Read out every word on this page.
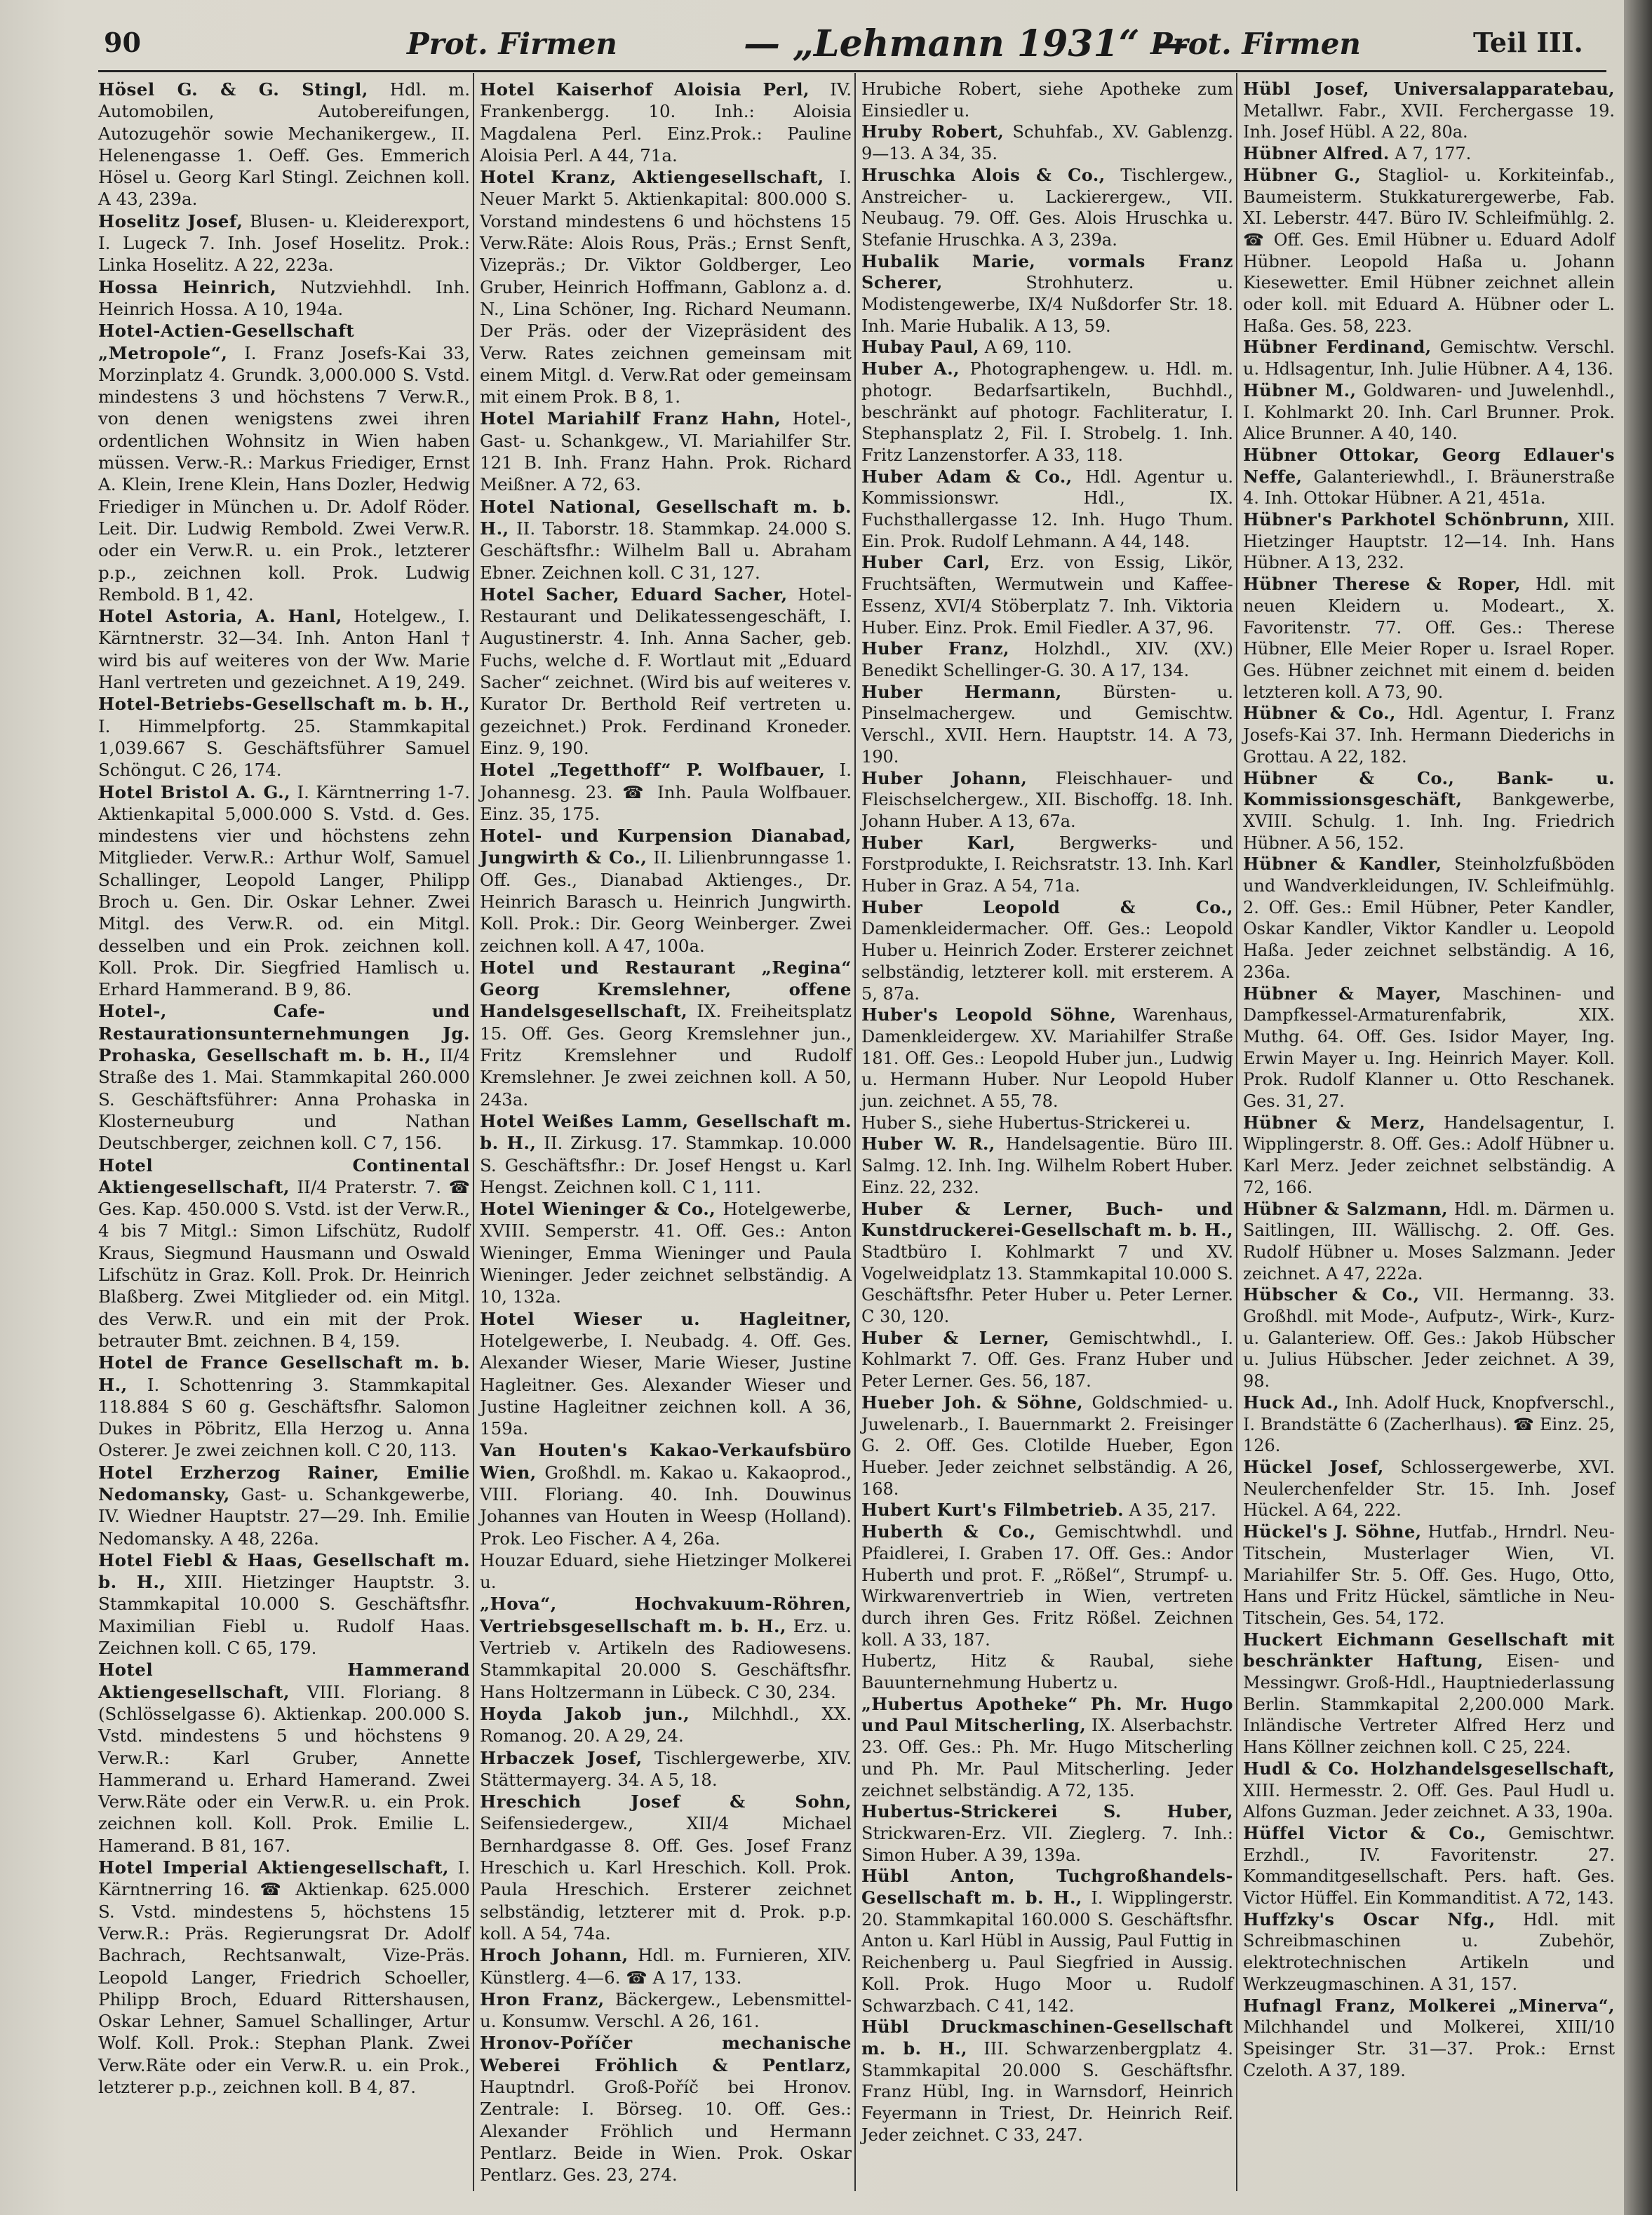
90	Prot. Firmen	— „Lehmann 1931“ —
Prot. Firmen	Teil III.

Hösel G. & G. Stingl, Hdl. m. Automobilen, Autobereifungen, Autozugehör sowie Mechanikergew., II. Helenengasse 1. Oeff. Ges. Emmerich Hösel u. Georg Karl Stingl. Zeichnen koll. A 43, 239a.

Hoselitz Josef, Blusen- u. Kleiderexport, I. Lugeck 7. Inh. Josef Hoselitz. Prok.: Linka Hoselitz. A 22, 223a.

Hossa Heinrich, Nutzviehhdl. Inh. Heinrich Hossa. A 10, 194a.

Hotel-Actien-Gesellschaft „Metropole“, I. Franz Josefs-Kai 33, Morzinplatz 4. Grundk. 3,000.000 S. Vstd. mindestens 3 und höchstens 7 Verw.R., von denen wenigstens zwei ihren ordentlichen Wohnsitz in Wien haben müssen. Verw.-R.: Markus Friediger, Ernst A. Klein, Irene Klein, Hans Dozler, Hedwig Friediger in München u. Dr. Adolf Röder. Leit. Dir. Ludwig Rembold. Zwei Verw.R. oder ein Verw.R. u. ein Prok., letzterer p.p., zeichnen koll. Prok. Ludwig Rembold. B 1, 42.

Hotel Astoria, A. Hanl, Hotelgew., I. Kärntnerstr. 32—34. Inh. Anton Hanl † wird bis auf weiteres von der Ww. Marie Hanl vertreten und gezeichnet. A 19, 249.

Hotel-Betriebs-Gesellschaft m. b. H., I. Himmelpfortg. 25. Stammkapital 1,039.667 S. Geschäftsführer Samuel Schöngut. C 26, 174.

Hotel Bristol A. G., I. Kärntnerring 1-7. Aktienkapital 5,000.000 S. Vstd. d. Ges. mindestens vier und höchstens zehn Mitglieder. Verw.R.: Arthur Wolf, Samuel Schallinger, Leopold Langer, Philipp Broch u. Gen. Dir. Oskar Lehner. Zwei Mitgl. des Verw.R. od. ein Mitgl. desselben und ein Prok. zeichnen koll. Koll. Prok. Dir. Siegfried Hamlisch u. Erhard Hammerand. B 9, 86.

Hotel-, Cafe- und Restaurationsunternehmungen Jg. Prohaska, Gesellschaft m. b. H., II/4 Straße des 1. Mai. Stammkapital 260.000 S. Geschäftsführer: Anna Prohaska in Klosterneuburg und Nathan Deutschberger, zeichnen koll. C 7, 156.

Hotel Continental Aktiengesellschaft, II/4 Praterstr. 7. ☎ Ges. Kap. 450.000 S. Vstd. ist der Verw.R., 4 bis 7 Mitgl.: Simon Lifschütz, Rudolf Kraus, Siegmund Hausmann und Oswald Lifschütz in Graz. Koll. Prok. Dr. Heinrich Blaßberg. Zwei Mitglieder od. ein Mitgl. des Verw.R. und ein mit der Prok. betrauter Bmt. zeichnen. B 4, 159.

Hotel de France Gesellschaft m. b. H., I. Schottenring 3. Stammkapital 118.884 S 60 g. Geschäftsfhr. Salomon Dukes in Pöbritz, Ella Herzog u. Anna Osterer. Je zwei zeichnen koll. C 20, 113.

Hotel Erzherzog Rainer, Emilie Nedomansky, Gast- u. Schankgewerbe, IV. Wiedner Hauptstr. 27—29. Inh. Emilie Nedomansky. A 48, 226a.

Hotel Fiebl & Haas, Gesellschaft m. b. H., XIII. Hietzinger Hauptstr. 3. Stammkapital 10.000 S. Geschäftsfhr. Maximilian Fiebl u. Rudolf Haas. Zeichnen koll. C 65, 179.

Hotel Hammerand Aktiengesellschaft, VIII. Floriang. 8 (Schlösselgasse 6). Aktienkap. 200.000 S. Vstd. mindestens 5 und höchstens 9 Verw.R.: Karl Gruber, Annette Hammerand u. Erhard Hamerand. Zwei Verw.Räte oder ein Verw.R. u. ein Prok. zeichnen koll. Koll. Prok. Emilie L. Hamerand. B 81, 167.

Hotel Imperial Aktiengesellschaft, I. Kärntnerring 16. ☎ Aktienkap. 625.000 S. Vstd. mindestens 5, höchstens 15 Verw.R.: Präs. Regierungsrat Dr. Adolf Bachrach, Rechtsanwalt, Vize-Präs. Leopold Langer, Friedrich Schoeller, Philipp Broch, Eduard Rittershausen, Oskar Lehner, Samuel Schallinger, Artur Wolf. Koll. Prok.: Stephan Plank. Zwei Verw.Räte oder ein Verw.R. u. ein Prok., letzterer p.p., zeichnen koll. B 4, 87.

Hotel Kaiserhof Aloisia Perl, IV. Frankenbergg. 10. Inh.: Aloisia Magdalena Perl. Einz.Prok.: Pauline Aloisia Perl. A 44, 71a.

Hotel Kranz, Aktiengesellschaft, I. Neuer Markt 5. Aktienkapital: 800.000 S. Vorstand mindestens 6 und höchstens 15 Verw.Räte: Alois Rous, Präs.; Ernst Senft, Vizepräs.; Dr. Viktor Goldberger, Leo Gruber, Heinrich Hoffmann, Gablonz a. d. N., Lina Schöner, Ing. Richard Neumann. Der Präs. oder der Vizepräsident des Verw. Rates zeichnen gemeinsam mit einem Mitgl. d. Verw.Rat oder gemeinsam mit einem Prok. B 8, 1.

Hotel Mariahilf Franz Hahn, Hotel-, Gast- u. Schankgew., VI. Mariahilfer Str. 121 B. Inh. Franz Hahn. Prok. Richard Meißner. A 72, 63.

Hotel National, Gesellschaft m. b. H., II. Taborstr. 18. Stammkap. 24.000 S. Geschäftsfhr.: Wilhelm Ball u. Abraham Ebner. Zeichnen koll. C 31, 127.

Hotel Sacher, Eduard Sacher, Hotel-Restaurant und Delikatessengeschäft, I. Augustinerstr. 4. Inh. Anna Sacher, geb. Fuchs, welche d. F. Wortlaut mit „Eduard Sacher“ zeichnet. (Wird bis auf weiteres v. Kurator Dr. Berthold Reif vertreten u. gezeichnet.) Prok. Ferdinand Kroneder. Einz. 9, 190.

Hotel „Tegetthoff“ P. Wolfbauer, I. Johannesg. 23. ☎ Inh. Paula Wolfbauer. Einz. 35, 175.

Hotel- und Kurpension Dianabad, Jungwirth & Co., II. Lilienbrunngasse 1. Off. Ges., Dianabad Aktienges., Dr. Heinrich Barasch u. Heinrich Jungwirth. Koll. Prok.: Dir. Georg Weinberger. Zwei zeichnen koll. A 47, 100a.

Hotel und Restaurant „Regina“ Georg Kremslehner, offene Handelsgesellschaft, IX. Freiheitsplatz 15. Off. Ges. Georg Kremslehner jun., Fritz Kremslehner und Rudolf Kremslehner. Je zwei zeichnen koll. A 50, 243a.

Hotel Weißes Lamm, Gesellschaft m. b. H., II. Zirkusg. 17. Stammkap. 10.000 S. Geschäftsfhr.: Dr. Josef Hengst u. Karl Hengst. Zeichnen koll. C 1, 111.

Hotel Wieninger & Co., Hotelgewerbe, XVIII. Semperstr. 41. Off. Ges.: Anton Wieninger, Emma Wieninger und Paula Wieninger. Jeder zeichnet selbständig. A 10, 132a.

Hotel Wieser u. Hagleitner, Hotelgewerbe, I. Neubadg. 4. Off. Ges. Alexander Wieser, Marie Wieser, Justine Hagleitner. Ges. Alexander Wieser und Justine Hagleitner zeichnen koll. A 36, 159a.

Van Houten's Kakao-Verkaufsbüro Wien, Großhdl. m. Kakao u. Kakaoprod., VIII. Floriang. 40. Inh. Douwinus Johannes van Houten in Weesp (Holland). Prok. Leo Fischer. A 4, 26a.

Houzar Eduard, siehe Hietzinger Molkerei u.

„Hova“, Hochvakuum-Röhren, Vertriebsgesellschaft m. b. H., Erz. u. Vertrieb v. Artikeln des Radiowesens. Stammkapital 20.000 S. Geschäftsfhr. Hans Holtzermann in Lübeck. C 30, 234.

Hoyda Jakob jun., Milchhdl., XX. Romanog. 20. A 29, 24.

Hrbaczek Josef, Tischlergewerbe, XIV. Stättermayerg. 34. A 5, 18.

Hreschich Josef & Sohn, Seifensiedergew., XII/4 Michael Bernhardgasse 8. Off. Ges. Josef Franz Hreschich u. Karl Hreschich. Koll. Prok. Paula Hreschich. Ersterer zeichnet selbständig, letzterer mit d. Prok. p.p. koll. A 54, 74a.

Hroch Johann, Hdl. m. Furnieren, XIV. Künstlerg. 4—6. ☎ A 17, 133.

Hron Franz, Bäckergew., Lebensmittel- u. Konsumw. Verschl. A 26, 161.

Hronov-Poříčer mechanische Weberei Fröhlich & Pentlarz, Hauptndrl. Groß-Poříč bei Hronov. Zentrale: I. Börseg. 10. Off. Ges.: Alexander Fröhlich und Hermann Pentlarz. Beide in Wien. Prok. Oskar Pentlarz. Ges. 23, 274.

Hrubiche Robert, siehe Apotheke zum Einsiedler u.

Hruby Robert, Schuhfab., XV. Gablenzg. 9—13. A 34, 35.

Hruschka Alois & Co., Tischlergew., Anstreicher- u. Lackierergew., VII. Neubaug. 79. Off. Ges. Alois Hruschka u. Stefanie Hruschka. A 3, 239a.

Hubalik Marie, vormals Franz Scherer, Strohhuterz. u. Modistengewerbe, IX/4 Nußdorfer Str. 18. Inh. Marie Hubalik. A 13, 59.

Hubay Paul, A 69, 110.

Huber A., Photographengew. u. Hdl. m. photogr. Bedarfsartikeln, Buchhdl., beschränkt auf photogr. Fachliteratur, I. Stephansplatz 2, Fil. I. Strobelg. 1. Inh. Fritz Lanzenstorfer. A 33, 118.

Huber Adam & Co., Hdl. Agentur u. Kommissionswr. Hdl., IX. Fuchsthallergasse 12. Inh. Hugo Thum. Ein. Prok. Rudolf Lehmann. A 44, 148.

Huber Carl, Erz. von Essig, Likör, Fruchtsäften, Wermutwein und Kaffee-Essenz, XVI/4 Stöberplatz 7. Inh. Viktoria Huber. Einz. Prok. Emil Fiedler. A 37, 96.

Huber Franz, Holzhdl., XIV. (XV.) Benedikt Schellinger-G. 30. A 17, 134.

Huber Hermann, Bürsten- u. Pinselmachergew. und Gemischtw. Verschl., XVII. Hern. Hauptstr. 14. A 73, 190.

Huber Johann, Fleischhauer- und Fleischselchergew., XII. Bischoffg. 18. Inh. Johann Huber. A 13, 67a.

Huber Karl, Bergwerks- und Forstprodukte, I. Reichsratstr. 13. Inh. Karl Huber in Graz. A 54, 71a.

Huber Leopold & Co., Damenkleidermacher. Off. Ges.: Leopold Huber u. Heinrich Zoder. Ersterer zeichnet selbständig, letzterer koll. mit ersterem. A 5, 87a.

Huber's Leopold Söhne, Warenhaus, Damenkleidergew. XV. Mariahilfer Straße 181. Off. Ges.: Leopold Huber jun., Ludwig u. Hermann Huber. Nur Leopold Huber jun. zeichnet. A 55, 78.

Huber S., siehe Hubertus-Strickerei u.

Huber W. R., Handelsagentie. Büro III. Salmg. 12. Inh. Ing. Wilhelm Robert Huber. Einz. 22, 232.

Huber & Lerner, Buch- und Kunstdruckerei-Gesellschaft m. b. H., Stadtbüro I. Kohlmarkt 7 und XV. Vogelweidplatz 13. Stammkapital 10.000 S. Geschäftsfhr. Peter Huber u. Peter Lerner. C 30, 120.

Huber & Lerner, Gemischtwhdl., I. Kohlmarkt 7. Off. Ges. Franz Huber und Peter Lerner. Ges. 56, 187.

Hueber Joh. & Söhne, Goldschmied- u. Juwelenarb., I. Bauernmarkt 2. Freisinger G. 2. Off. Ges. Clotilde Hueber, Egon Hueber. Jeder zeichnet selbständig. A 26, 168.

Hubert Kurt's Filmbetrieb. A 35, 217.

Huberth & Co., Gemischtwhdl. und Pfaidlerei, I. Graben 17. Off. Ges.: Andor Huberth und prot. F. „Rößel“, Strumpf- u. Wirkwarenvertrieb in Wien, vertreten durch ihren Ges. Fritz Rößel. Zeichnen koll. A 33, 187.

Hubertz, Hitz & Raubal, siehe Bauunternehmung Hubertz u.

„Hubertus Apotheke“ Ph. Mr. Hugo und Paul Mitscherling, IX. Alserbachstr. 23. Off. Ges.: Ph. Mr. Hugo Mitscherling und Ph. Mr. Paul Mitscherling. Jeder zeichnet selbständig. A 72, 135.

Hubertus-Strickerei S. Huber, Strickwaren-Erz. VII. Zieglerg. 7. Inh.: Simon Huber. A 39, 139a.

Hübl Anton, Tuchgroßhandels-Gesellschaft m. b. H., I. Wipplingerstr. 20. Stammkapital 160.000 S. Geschäftsfhr. Anton u. Karl Hübl in Aussig, Paul Futtig in Reichenberg u. Paul Siegfried in Aussig. Koll. Prok. Hugo Moor u. Rudolf Schwarzbach. C 41, 142.

Hübl Druckmaschinen-Gesellschaft m. b. H., III. Schwarzenbergplatz 4. Stammkapital 20.000 S. Geschäftsfhr. Franz Hübl, Ing. in Warnsdorf, Heinrich Feyermann in Triest, Dr. Heinrich Reif. Jeder zeichnet. C 33, 247.

Hübl Josef, Universalapparatebau, Metallwr. Fabr., XVII. Ferchergasse 19. Inh. Josef Hübl. A 22, 80a.

Hübner Alfred. A 7, 177.

Hübner G., Stagliol- u. Korkiteinfab., Baumeisterm. Stukkaturergewerbe, Fab. XI. Leberstr. 447. Büro IV. Schleifmühlg. 2. ☎ Off. Ges. Emil Hübner u. Eduard Adolf Hübner. Leopold Haßa u. Johann Kiesewetter. Emil Hübner zeichnet allein oder koll. mit Eduard A. Hübner oder L. Haßa. Ges. 58, 223.

Hübner Ferdinand, Gemischtw. Verschl. u. Hdlsagentur, Inh. Julie Hübner. A 4, 136.

Hübner M., Goldwaren- und Juwelenhdl., I. Kohlmarkt 20. Inh. Carl Brunner. Prok. Alice Brunner. A 40, 140.

Hübner Ottokar, Georg Edlauer's Neffe, Galanteriewhdl., I. Bräunerstraße 4. Inh. Ottokar Hübner. A 21, 451a.

Hübner's Parkhotel Schönbrunn, XIII. Hietzinger Hauptstr. 12—14. Inh. Hans Hübner. A 13, 232.

Hübner Therese & Roper, Hdl. mit neuen Kleidern u. Modeart., X. Favoritenstr. 77. Off. Ges.: Therese Hübner, Elle Meier Roper u. Israel Roper. Ges. Hübner zeichnet mit einem d. beiden letzteren koll. A 73, 90.

Hübner & Co., Hdl. Agentur, I. Franz Josefs-Kai 37. Inh. Hermann Diederichs in Grottau. A 22, 182.

Hübner & Co., Bank- u. Kommissionsgeschäft, Bankgewerbe, XVIII. Schulg. 1. Inh. Ing. Friedrich Hübner. A 56, 152.

Hübner & Kandler, Steinholzfußböden und Wandverkleidungen, IV. Schleifmühlg. 2. Off. Ges.: Emil Hübner, Peter Kandler, Oskar Kandler, Viktor Kandler u. Leopold Haßa. Jeder zeichnet selbständig. A 16, 236a.

Hübner & Mayer, Maschinen- und Dampfkessel-Armaturenfabrik, XIX. Muthg. 64. Off. Ges. Isidor Mayer, Ing. Erwin Mayer u. Ing. Heinrich Mayer. Koll. Prok. Rudolf Klanner u. Otto Reschanek. Ges. 31, 27.

Hübner & Merz, Handelsagentur, I. Wipplingerstr. 8. Off. Ges.: Adolf Hübner u. Karl Merz. Jeder zeichnet selbständig. A 72, 166.

Hübner & Salzmann, Hdl. m. Därmen u. Saitlingen, III. Wällischg. 2. Off. Ges. Rudolf Hübner u. Moses Salzmann. Jeder zeichnet. A 47, 222a.

Hübscher & Co., VII. Hermanng. 33. Großhdl. mit Mode-, Aufputz-, Wirk-, Kurz- u. Galanteriew. Off. Ges.: Jakob Hübscher u. Julius Hübscher. Jeder zeichnet. A 39, 98.

Huck Ad., Inh. Adolf Huck, Knopfverschl., I. Brandstätte 6 (Zacherlhaus). ☎ Einz. 25, 126.

Hückel Josef, Schlossergewerbe, XVI. Neulerchenfelder Str. 15. Inh. Josef Hückel. A 64, 222.

Hückel's J. Söhne, Hutfab., Hrndrl. Neu-Titschein, Musterlager Wien, VI. Mariahilfer Str. 5. Off. Ges. Hugo, Otto, Hans und Fritz Hückel, sämtliche in Neu-Titschein, Ges. 54, 172.

Huckert Eichmann Gesellschaft mit beschränkter Haftung, Eisen- und Messingwr. Groß-Hdl., Hauptniederlassung Berlin. Stammkapital 2,200.000 Mark. Inländische Vertreter Alfred Herz und Hans Köllner zeichnen koll. C 25, 224.

Hudl & Co. Holzhandelsgesellschaft, XIII. Hermesstr. 2. Off. Ges. Paul Hudl u. Alfons Guzman. Jeder zeichnet. A 33, 190a.

Hüffel Victor & Co., Gemischtwr. Erzhdl., IV. Favoritenstr. 27. Kommanditgesellschaft. Pers. haft. Ges. Victor Hüffel. Ein Kommanditist. A 72, 143.

Huffzky's Oscar Nfg., Hdl. mit Schreibmaschinen u. Zubehör, elektrotechnischen Artikeln und Werkzeugmaschinen. A 31, 157.

Hufnagl Franz, Molkerei „Minerva“, Milchhandel und Molkerei, XIII/10 Speisinger Str. 31—37. Prok.: Ernst Czeloth. A 37, 189.
